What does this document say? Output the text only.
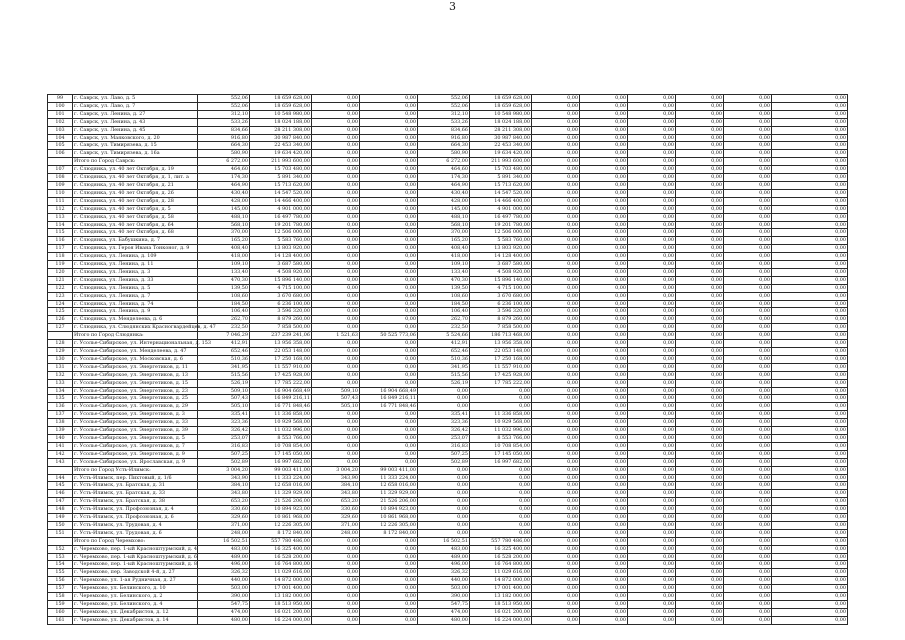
3
99	г. Саврск, ул. Лаво, д. 5	552,06	18 659 628,00	0,00	0,00	552,06	18 659 628,00	0,00	0,00	0,00	0,00	0,00	0,00
100	г. Саврск, ул. Лаво, д. 7	552,06	18 659 628,00	0,00	0,00	552,06	18 659 628,00	0,00	0,00	0,00	0,00	0,00	0,00
101	г. Саврск, ул. Ленина, д. 27	312,10	10 548 980,00	0,00	0,00	312,10	10 548 980,00	0,00	0,00	0,00	0,00	0,00	0,00
102	г. Саврск, ул. Ленина, д. 43	533,26	18 024 188,00	0,00	0,00	533,26	18 024 188,00	0,00	0,00	0,00	0,00	0,00	0,00
103	г. Саврск, ул. Ленина, д. 45	834,66	28 211 308,00	0,00	0,00	834,66	28 211 308,00	0,00	0,00	0,00	0,00	0,00	0,00
104	г. Саврск, ул. Маяковского, д. 20	916,80	30 987 840,00	0,00	0,00	916,80	30 987 840,00	0,00	0,00	0,00	0,00	0,00	0,00
105	г. Саврск, ул. Тимирязева, д. 15	664,30	22 453 340,00	0,00	0,00	664,30	22 453 340,00	0,00	0,00	0,00	0,00	0,00	0,00
106	г. Саврск, ул. Тимирязева, д. 16а	580,90	19 634 420,00	0,00	0,00	580,90	19 634 420,00	0,00	0,00	0,00	0,00	0,00	0,00
	Итого по Город Саврск:	6 272,00	211 993 600,00	0,00	0,00	6 272,00	211 993 600,00	0,00	0,00	0,00	0,00	0,00	0,00
107	г. Слюдянка, ул. 40 лет Октября, д. 19	464,60	15 703 480,00	0,00	0,00	464,60	15 703 480,00	0,00	0,00	0,00	0,00	0,00	0,00
108	г. Слюдянка, ул. 40 лет Октября, д. 1, лит. а	174,30	5 891 340,00	0,00	0,00	174,30	5 891 340,00	0,00	0,00	0,00	0,00	0,00	0,00
109	г. Слюдянка, ул. 40 лет Октября, д. 21	464,90	15 713 620,00	0,00	0,00	464,90	15 713 620,00	0,00	0,00	0,00	0,00	0,00	0,00
110	г. Слюдянка, ул. 40 лет Октября, д. 26	430,40	14 547 520,00	0,00	0,00	430,40	14 547 520,00	0,00	0,00	0,00	0,00	0,00	0,00
111	г. Слюдянка, ул. 40 лет Октября, д. 28	428,00	14 466 400,00	0,00	0,00	428,00	14 466 400,00	0,00	0,00	0,00	0,00	0,00	0,00
112	г. Слюдянка, ул. 40 лет Октября, д. 5	145,00	4 901 000,00	0,00	0,00	145,00	4 901 000,00	0,00	0,00	0,00	0,00	0,00	0,00
113	г. Слюдянка, ул. 40 лет Октября, д. 58	488,10	16 497 780,00	0,00	0,00	488,10	16 497 780,00	0,00	0,00	0,00	0,00	0,00	0,00
114	г. Слюдянка, ул. 40 лет Октября, д. 64	568,10	19 201 780,00	0,00	0,00	568,10	19 201 780,00	0,00	0,00	0,00	0,00	0,00	0,00
115	г. Слюдянка, ул. 40 лет Октября, д. 68	370,00	12 506 000,00	0,00	0,00	370,00	12 506 000,00	0,00	0,00	0,00	0,00	0,00	0,00
116	г. Слюдянка, ул. Бабушкина, д. 7	165,20	5 583 760,00	0,00	0,00	165,20	5 583 760,00	0,00	0,00	0,00	0,00	0,00	0,00
117	г. Слюдянка, ул. Героя Ивана Тонконог, д. 9	408,40	13 803 920,00	0,00	0,00	408,40	13 803 920,00	0,00	0,00	0,00	0,00	0,00	0,00
118	г. Слюдянка, ул. Ленина, д. 109	418,00	14 128 400,00	0,00	0,00	418,00	14 128 400,00	0,00	0,00	0,00	0,00	0,00	0,00
119	г. Слюдянка, ул. Ленина, д. 11	109,10	3 687 580,00	0,00	0,00	109,10	3 687 580,00	0,00	0,00	0,00	0,00	0,00	0,00
120	г. Слюдянка, ул. Ленина, д. 3	133,40	4 508 920,00	0,00	0,00	133,40	4 508 920,00	0,00	0,00	0,00	0,00	0,00	0,00
121	г. Слюдянка, ул. Ленина, д. 33	470,30	15 896 140,00	0,00	0,00	470,30	15 896 140,00	0,00	0,00	0,00	0,00	0,00	0,00
122	г. Слюдянка, ул. Ленина, д. 5	139,50	4 715 100,00	0,00	0,00	139,50	4 715 100,00	0,00	0,00	0,00	0,00	0,00	0,00
123	г. Слюдянка, ул. Ленина, д. 7	108,60	3 670 680,00	0,00	0,00	108,60	3 670 680,00	0,00	0,00	0,00	0,00	0,00	0,00
124	г. Слюдянка, ул. Ленина, д. 74	184,50	6 236 100,00	0,00	0,00	184,50	6 236 100,00	0,00	0,00	0,00	0,00	0,00	0,00
125	г. Слюдянка, ул. Ленина, д. 9	106,40	3 596 320,00	0,00	0,00	106,40	3 596 320,00	0,00	0,00	0,00	0,00	0,00	0,00
126	г. Слюдянка, ул. Менделеева, д. 6	262,70	8 879 260,00	0,00	0,00	262,70	8 879 260,00	0,00	0,00	0,00	0,00	0,00	0,00
127	г. Слюдянка, ул. Слюдянских Красногвардейцев, д. 47	232,50	7 858 500,00	0,00	0,00	232,50	7 858 500,00	0,00	0,00	0,00	0,00	0,00	0,00
	Итого по Город Слюдянка:	7 046,29	237 239 241,06	1 521,63	50 525 773,06	5 524,66	186 713 468,00	0,00	0,00	0,00	0,00	0,00	0,00
128	г. Усолье-Сибирское, ул. Интернациональная, д. 153	412,91	13 956 358,00	0,00	0,00	412,91	13 956 358,00	0,00	0,00	0,00	0,00	0,00	0,00
129	г. Усолье-Сибирское, ул. Менделеева, д. 47	652,46	22 053 148,00	0,00	0,00	652,46	22 053 148,00	0,00	0,00	0,00	0,00	0,00	0,00
130	г. Усолье-Сибирское, ул. Московская, д. 6	510,36	17 250 168,00	0,00	0,00	510,36	17 250 168,00	0,00	0,00	0,00	0,00	0,00	0,00
131	г. Усолье-Сибирское, ул. Энергетиков, д. 11	341,95	11 557 910,00	0,00	0,00	341,95	11 557 910,00	0,00	0,00	0,00	0,00	0,00	0,00
132	г. Усолье-Сибирское, ул. Энергетиков, д. 13	515,56	17 425 928,00	0,00	0,00	515,56	17 425 928,00	0,00	0,00	0,00	0,00	0,00	0,00
133	г. Усолье-Сибирское, ул. Энергетиков, д. 15	526,19	17 785 222,00	0,00	0,00	526,19	17 785 222,00	0,00	0,00	0,00	0,00	0,00	0,00
134	г. Усолье-Сибирское, ул. Энергетиков, д. 23	509,10	16 904 668,49	509,10	16 904 668,49	0,00	0,00	0,00	0,00	0,00	0,00	0,00	0,00
135	г. Усолье-Сибирское, ул. Энергетиков, д. 25	507,43	16 849 216,11	507,43	16 849 216,11	0,00	0,00	0,00	0,00	0,00	0,00	0,00	0,00
136	г. Усолье-Сибирское, ул. Энергетиков, д. 29	505,10	16 771 848,46	505,10	16 771 848,46	0,00	0,00	0,00	0,00	0,00	0,00	0,00	0,00
137	г. Усолье-Сибирское, ул. Энергетиков, д. 3	335,41	11 336 858,00	0,00	0,00	335,41	11 336 858,00	0,00	0,00	0,00	0,00	0,00	0,00
138	г. Усолье-Сибирское, ул. Энергетиков, д. 33	323,36	10 929 568,00	0,00	0,00	323,36	10 929 568,00	0,00	0,00	0,00	0,00	0,00	0,00
139	г. Усолье-Сибирское, ул. Энергетиков, д. 39	326,42	11 032 996,00	0,00	0,00	326,42	11 032 996,00	0,00	0,00	0,00	0,00	0,00	0,00
140	г. Усолье-Сибирское, ул. Энергетиков, д. 5	253,07	8 553 766,00	0,00	0,00	253,07	8 553 766,00	0,00	0,00	0,00	0,00	0,00	0,00
141	г. Усолье-Сибирское, ул. Энергетиков, д. 7	316,83	10 708 854,00	0,00	0,00	316,83	10 708 854,00	0,00	0,00	0,00	0,00	0,00	0,00
142	г. Усолье-Сибирское, ул. Энергетиков, д. 9	507,25	17 145 050,00	0,00	0,00	507,25	17 145 050,00	0,00	0,00	0,00	0,00	0,00	0,00
143	г. Усолье-Сибирское, ул. Ярославская, д. 9	502,89	16 997 682,00	0,00	0,00	502,89	16 997 682,00	0,00	0,00	0,00	0,00	0,00	0,00
	Итого по Город Усть-Илимск:	3 004,20	99 003 411,00	3 004,20	99 003 411,00	0,00	0,00	0,00	0,00	0,00	0,00	0,00	0,00
144	г. Усть-Илимск, пер. Пихтовый, д. 1/6	343,90	11 333 224,00	343,90	11 333 224,00	0,00	0,00	0,00	0,00	0,00	0,00	0,00	0,00
145	г. Усть-Илимск, ул. Братская, д. 31	384,10	12 658 016,00	384,10	12 658 016,00	0,00	0,00	0,00	0,00	0,00	0,00	0,00	0,00
146	г. Усть-Илимск, ул. Братская, д. 33	343,80	11 329 929,00	343,80	11 329 929,00	0,00	0,00	0,00	0,00	0,00	0,00	0,00	0,00
147	г. Усть-Илимск, ул. Братская, д. 38	653,20	21 526 206,00	653,20	21 526 206,00	0,00	0,00	0,00	0,00	0,00	0,00	0,00	0,00
148	г. Усть-Илимск, ул. Профсоюзная, д. 4	330,60	10 894 923,00	330,60	10 894 923,00	0,00	0,00	0,00	0,00	0,00	0,00	0,00	0,00
149	г. Усть-Илимск, ул. Профсоюзная, д. 6	329,60	10 861 968,00	329,60	10 861 968,00	0,00	0,00	0,00	0,00	0,00	0,00	0,00	0,00
150	г. Усть-Илимск, ул. Трудовая, д. 4	371,00	12 226 305,00	371,00	12 226 305,00	0,00	0,00	0,00	0,00	0,00	0,00	0,00	0,00
151	г. Усть-Илимск, ул. Трудовая, д. 6	248,00	8 172 840,00	248,00	8 172 840,00	0,00	0,00	0,00	0,00	0,00	0,00	0,00	0,00
	Итого по Город Черемхово:	16 502,51	557 780 486,00	0,00	0,00	16 502,51	557 780 486,00	0,00	0,00	0,00	0,00	0,00	0,00
152	г. Черемхово, пер. 1-ый Красноштурмский, д. 4	483,00	16 325 400,00	0,00	0,00	483,00	16 325 400,00	0,00	0,00	0,00	0,00	0,00	0,00
153	г. Черемхово, пер. 1-ый Красноштурмский, д. 6	489,00	16 528 200,00	0,00	0,00	489,00	16 528 200,00	0,00	0,00	0,00	0,00	0,00	0,00
154	г. Черемхово, пер. 1-ый Красноштурмский, д. 8	496,00	16 764 800,00	0,00	0,00	496,00	16 764 800,00	0,00	0,00	0,00	0,00	0,00	0,00
155	г. Черемхово, пер. Заводской 4-й, д. 27	326,32	11 029 616,00	0,00	0,00	326,32	11 029 616,00	0,00	0,00	0,00	0,00	0,00	0,00
156	г. Черемхово, ул. 1-ая Рудничная, д. 27	440,00	14 872 000,00	0,00	0,00	440,00	14 872 000,00	0,00	0,00	0,00	0,00	0,00	0,00
157	г. Черемхово, ул. Белинского, д. 10	503,00	17 001 400,00	0,00	0,00	503,00	17 001 400,00	0,00	0,00	0,00	0,00	0,00	0,00
158	г. Черемхово, ул. Белинского, д. 2	390,00	13 182 000,00	0,00	0,00	390,00	13 182 000,00	0,00	0,00	0,00	0,00	0,00	0,00
159	г. Черемхово, ул. Белинского, д. 4	547,75	18 513 950,00	0,00	0,00	547,75	18 513 950,00	0,00	0,00	0,00	0,00	0,00	0,00
160	г. Черемхово, ул. Декабристов, д. 12	474,00	16 021 200,00	0,00	0,00	474,00	16 021 200,00	0,00	0,00	0,00	0,00	0,00	0,00
161	г. Черемхово, ул. Декабристов, д. 14	480,00	16 224 000,00	0,00	0,00	480,00	16 224 000,00	0,00	0,00	0,00	0,00	0,00	0,00
